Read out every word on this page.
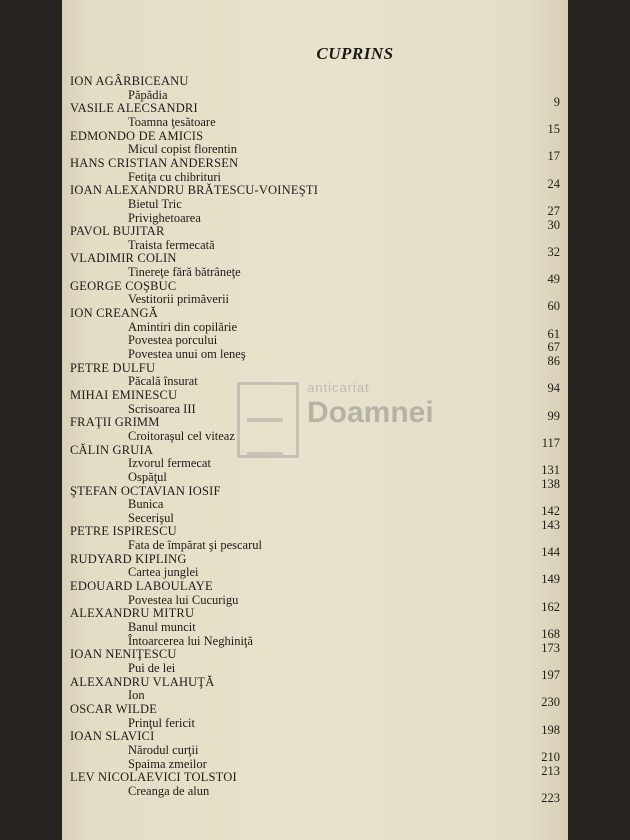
CUPRINS
anticariat
Doamnei
ION AGÂRBICEANU
Păpădia	9
VASILE ALECSANDRI
Toamna ţesătoare	15
EDMONDO DE AMICIS
Micul copist florentin	17
HANS CRISTIAN ANDERSEN
Fetiţa cu chibrituri	24
IOAN ALEXANDRU BRĂTESCU-VOINEŞTI
Bietul Tric	27
Privighetoarea	30
PAVOL BUJITAR
Traista fermecată	32
VLADIMIR COLIN
Tinereţe fără bătrâneţe	49
GEORGE COŞBUC
Vestitorii primăverii	60
ION CREANGĂ
Amintiri din copilărie	61
Povestea porcului	67
Povestea unui om leneş	86
PETRE DULFU
Păcală însurat	94
MIHAI EMINESCU
Scrisoarea III	99
FRAŢII GRIMM
Croitoraşul cel viteaz	117
CĂLIN GRUIA
Izvorul fermecat	131
Ospăţul	138
ŞTEFAN OCTAVIAN IOSIF
Bunica	142
Secerişul	143
PETRE ISPIRESCU
Fata de împărat şi pescarul	144
RUDYARD KIPLING
Cartea junglei	149
EDOUARD LABOULAYE
Povestea lui Cucurigu	162
ALEXANDRU MITRU
Banul muncit	168
Întoarcerea lui Neghiniţă	173
IOAN NENIŢESCU
Pui de lei	197
ALEXANDRU VLAHUŢĂ
Ion	230
OSCAR WILDE
Prinţul fericit	198
IOAN SLAVICI
Nărodul curţii	210
Spaima zmeilor	213
LEV NICOLAEVICI TOLSTOI
Creanga de alun	223
